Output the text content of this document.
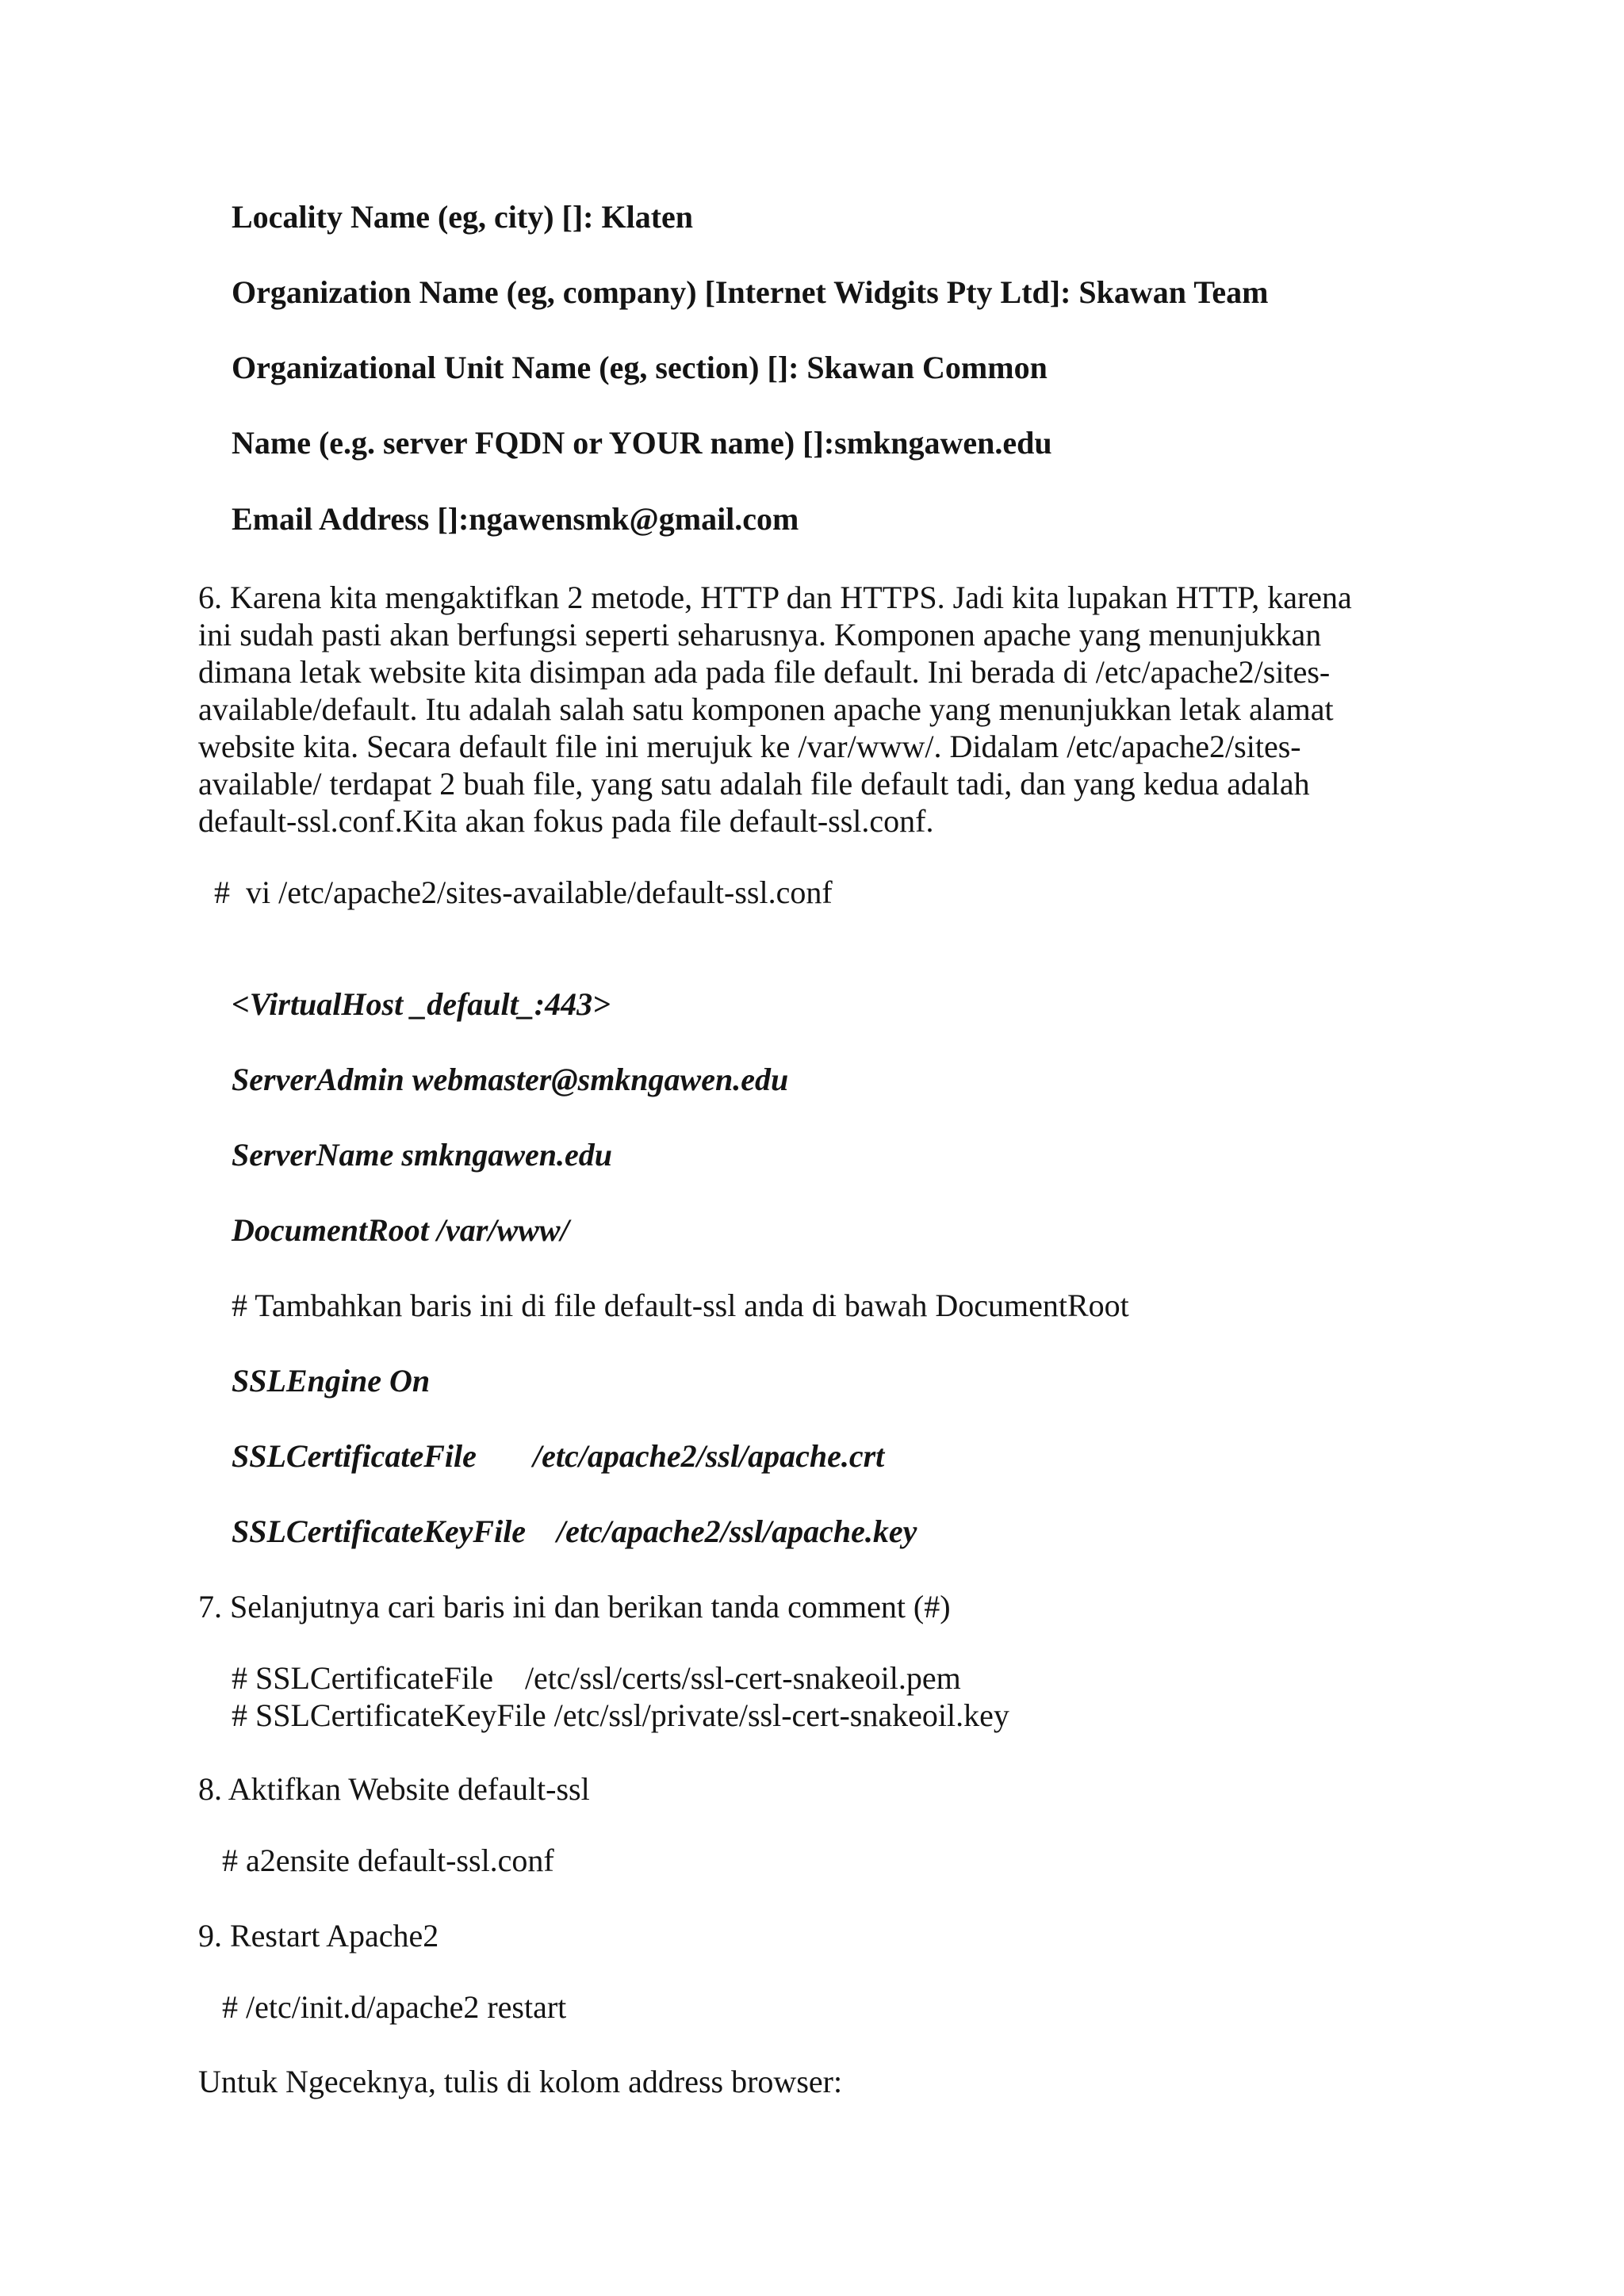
Locality Name (eg, city) []: Klaten

Organization Name (eg, company) [Internet Widgits Pty Ltd]: Skawan Team

Organizational Unit Name (eg, section) []: Skawan Common

Name (e.g. server FQDN or YOUR name) []:smkngawen.edu

Email Address []:ngawensmk@gmail.com

6. Karena kita mengaktifkan 2 metode, HTTP dan HTTPS. Jadi kita lupakan HTTP, karena

ini sudah pasti akan berfungsi seperti seharusnya. Komponen apache yang menunjukkan

dimana letak website kita disimpan ada pada file default. Ini berada di /etc/apache2/sites-

available/default. Itu adalah salah satu komponen apache yang menunjukkan letak alamat

website kita. Secara default file ini merujuk ke /var/www/. Didalam /etc/apache2/sites-

available/ terdapat 2 buah file, yang satu adalah file default tadi, dan yang kedua adalah

default-ssl.conf.Kita akan fokus pada file default-ssl.conf.

#  vi /etc/apache2/sites-available/default-ssl.conf

<VirtualHost _default_:443>

ServerAdmin webmaster@smkngawen.edu

ServerName smkngawen.edu

DocumentRoot /var/www/

# Tambahkan baris ini di file default-ssl anda di bawah DocumentRoot

SSLEngine On

SSLCertificateFile /etc/apache2/ssl/apache.crt

SSLCertificateKeyFile /etc/apache2/ssl/apache.key

7. Selanjutnya cari baris ini dan berikan tanda comment (#)

# SSLCertificateFile    /etc/ssl/certs/ssl-cert-snakeoil.pem

# SSLCertificateKeyFile /etc/ssl/private/ssl-cert-snakeoil.key

8. Aktifkan Website default-ssl

# a2ensite default-ssl.conf

9. Restart Apache2

# /etc/init.d/apache2 restart

Untuk Ngeceknya, tulis di kolom address browser:
